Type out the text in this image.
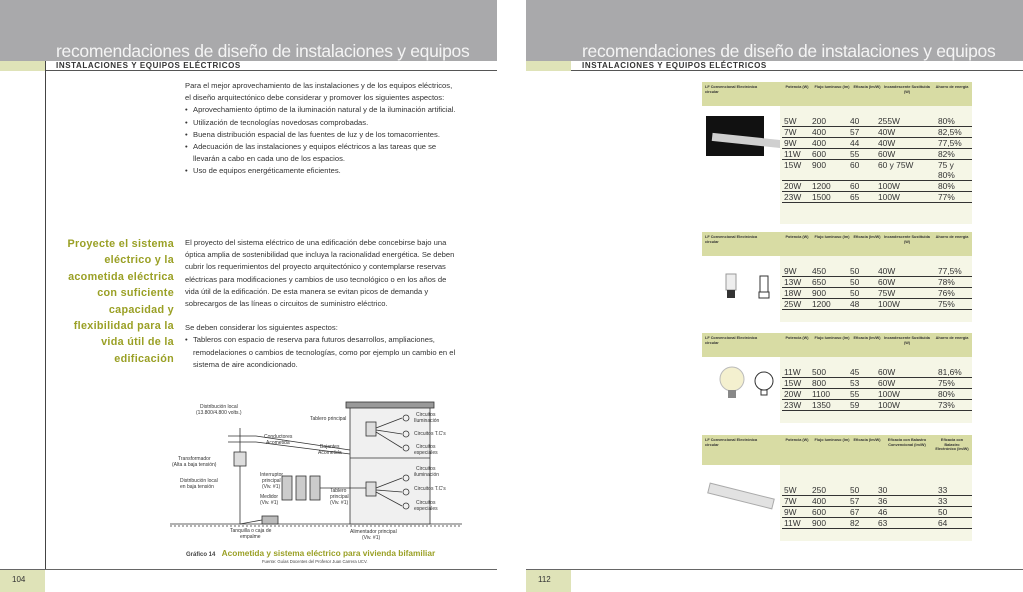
recomendaciones de diseño de instalaciones y equipos
INSTALACIONES Y EQUIPOS ELÉCTRICOS

Para el mejor aprovechamiento de las instalaciones y de los equipos eléctricos, el diseño arquitectónico debe considerar y promover los siguientes aspectos:

• Aprovechamiento óptimo de la iluminación natural y de la iluminación artificial.
• Utilización de tecnologías novedosas comprobadas.
• Buena distribución espacial de las fuentes de luz y de los tomacorrientes.
• Adecuación de las instalaciones y equipos eléctricos a las tareas que se llevarán a cabo en cada uno de los espacios.
• Uso de equipos energéticamente eficientes.
Proyecte el sistema eléctrico y la acometida eléctrica con suficiente capacidad y flexibilidad para la vida útil de la edificación

El proyecto del sistema eléctrico de una edificación debe concebirse bajo una óptica amplia de sostenibilidad que incluya la racionalidad energética. Se deben cubrir los requerimientos del proyecto arquitectónico y contemplarse reservas eléctricas para modificaciones y cambios de uso tecnológico o en los años de vida útil de la edificación. De esta manera se evitan picos de demanda y sobrecargos de las líneas o circuitos de suministro eléctrico.

Se deben considerar los siguientes aspectos:

• Tableros con espacio de reserva para futuros desarrollos, ampliaciones, remodelaciones o cambios de tecnologías, como por ejemplo un cambio en el sistema de aire acondicionado.
Distribución local
(13.800/4.800 volts.)
Tablero principal
Circuitos
Iluminación
Circuitos T.C's
Conductores
Acometida
Bajantes
Acometida
Circuitos
especiales
Transformador
(Alta a baja tensión)
Interruptor
principal
(Viv. #1)
Circuitos
iluminación
Distribución local
en baja tensión	Circuitos T.C's
Medidor
(Viv. #1)
Tablero
principal
(Viv. #1)	Circuitos
especiales
Tanquilla o caja de
empalme
Alimentador principal
(Viv. #1)
Gráfico 14 Acometida y sistema eléctrico para vivienda bifamiliar
Fuente: Guías Docentes del Profesor Juan Carrera UCV.
104
recomendaciones de diseño de instalaciones y equipos
INSTALACIONES Y EQUIPOS ELÉCTRICOS
LF Convencional Electrónica circular
Potencia (W)	Flujo luminoso (lm)	Eficacia (lm/W) Incandescente Sustituida (W)
Ahorro de energía
5W 200	40 255W	80%
7W 400	57 40W	82,5%
9W 400	44 40W	77,5%
11W 600	55 60W	82%
15W 900	60 60 y 75W	75 y 80%
20W 1200 60 100W	80%
23W 1500 65 100W	77%
LF Convencional Electrónica circular
Potencia (W)	Flujo luminoso (lm)	Eficacia (lm/W) Incandescente Sustituida (W)
Ahorro de energía
9W 450	50 40W	77,5%
13W 650	50 60W	78%
18W 900	50 75W	76%
25W 1200 48 100W	75%
LF Convencional Electrónica circular
Potencia (W)	Flujo luminoso (lm)	Eficacia (lm/W) Incandescente Sustituida (W)
Ahorro de energía
11W 500	45 60W	81,6%
15W 800	53 60W	75%
20W 1100 55 100W	80%
23W 1350 59 100W	73%
LF Convencional Electrónica circular
Potencia (W)	Flujo luminoso (lm)	Eficacia (lm/W)	Eficacia con Balastro Convencional (lm/W)
Eficacia con Balastro Electrónico (lm/W)
5W 250	50 30	33
7W 400	57 36	33
9W 600	67 46	50
11W 900	82 63	64
112
